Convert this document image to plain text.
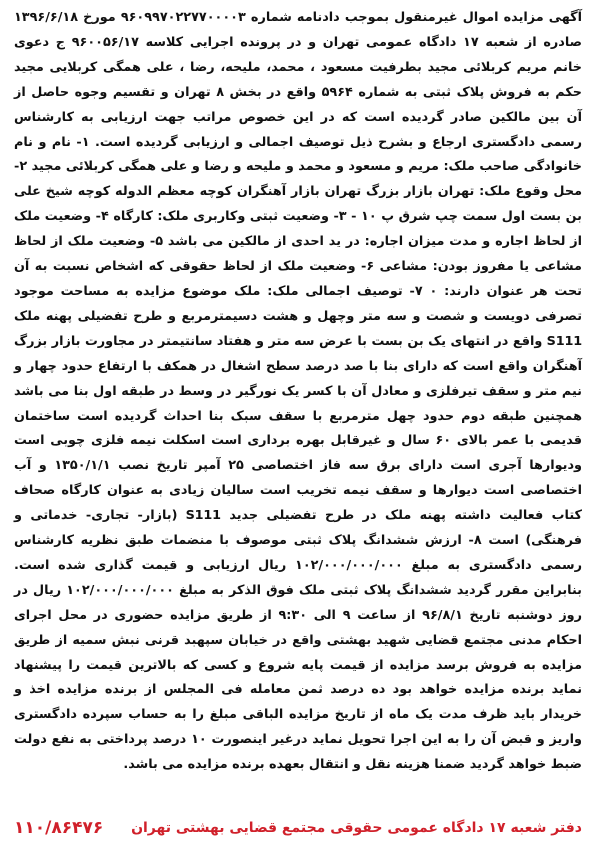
آگهی مزایده اموال غیرمنقول بموجب دادنامه شماره ۹۶۰۹۹۷۰۲۲۷۷۰۰۰۰۳ مورخ ۱۳۹۶/۶/۱۸ صادره از شعبه ۱۷ دادگاه عمومی تهران و در پرونده اجرایی کلاسه ۹۶۰۰۵۶/۱۷ ج دعوی خانم مریم کربلائی مجید بطرفیت مسعود ، محمد، ملیحه، رضا ، علی همگی کربلایی مجید حکم به فروش پلاک ثبتی به شماره ۵۹۶۴ واقع در بخش ۸ تهران و تقسیم وجوه حاصل از آن بین مالکین صادر گردیده است که در این خصوص مراتب جهت ارزیابی به کارشناس رسمی دادگستری ارجاع و بشرح ذیل توصیف اجمالی و ارزیابی گردیده است. ۱- نام و نام خانوادگی صاحب ملک: مریم و مسعود و محمد و ملیحه و رضا و علی همگی کربلائی مجید ۲- محل وقوع ملک: تهران بازار بزرگ تهران بازار آهنگران کوچه معظم الدوله کوچه شیخ علی بن بست اول سمت چپ شرق پ ۱۰ - ۳- وضعیت ثبتی وکاربری ملک: کارگاه ۴- وضعیت ملک از لحاظ اجاره و مدت میزان اجاره: در ید احدی از مالکین می باشد ۵- وضعیت ملک از لحاظ مشاعی یا مفروز بودن: مشاعی ۶- وضعیت ملک از لحاظ حقوقی که اشخاص نسبت به آن تحت هر عنوان دارند: ۰ ۷- توصیف اجمالی ملک: ملک موضوع مزایده به مساحت موجود تصرفی دویست و شصت و سه متر وچهل و هشت دسیمترمربع و طرح تفضیلی پهنه ملک S111 واقع در انتهای یک بن بست با عرض سه متر و هفتاد سانتیمتر در مجاورت بازار بزرگ آهنگران واقع است که دارای بنا با صد درصد سطح اشغال در همکف با ارتفاع حدود چهار و نیم متر و سقف تیرفلزی و معادل آن با کسر یک نورگیر در وسط در طبقه اول بنا می باشد همچنین طبقه دوم حدود چهل مترمربع با سقف سبک بنا احداث گردیده است ساختمان قدیمی با عمر بالای ۶۰ سال و غیرقابل بهره برداری است اسکلت نیمه فلزی چوبی است ودیوارها آجری است دارای برق سه فاز اختصاصی ۲۵ آمپر تاریخ نصب ۱۳۵۰/۱/۱ و آب اختصاصی است دیوارها و سقف نیمه تخریب است سالیان زیادی به عنوان کارگاه صحاف کتاب فعالیت داشته پهنه ملک در طرح تفضیلی جدید S111 (بازار- تجاری- خدماتی و فرهنگی) است ۸- ارزش ششدانگ پلاک ثبتی موصوف با منضمات طبق نظریه کارشناس رسمی دادگستری به مبلغ ۱۰۲/۰۰۰/۰۰۰/۰۰۰ ریال ارزیابی و قیمت گذاری شده است. بنابراین مقرر گردید ششدانگ پلاک ثبتی ملک فوق الذکر به مبلغ ۱۰۲/۰۰۰/۰۰۰/۰۰۰ ریال در روز دوشنبه تاریخ ۹۶/۸/۱ از ساعت ۹ الی ۹:۳۰ از طریق مزایده حضوری در محل اجرای احکام مدنی مجتمع قضایی شهید بهشتی واقع در خیابان سپهبد قرنی نبش سمیه از طریق مزایده به فروش برسد مزایده از قیمت پایه شروع و کسی که بالاترین قیمت را پیشنهاد نماید برنده مزایده خواهد بود ده درصد ثمن معامله فی المجلس از برنده مزایده اخذ و خریدار باید ظرف مدت یک ماه از تاریخ مزایده الباقی مبلغ را به حساب سپرده دادگستری واریز و قبض آن را به این اجرا تحویل نماید درغیر اینصورت ۱۰ درصد پرداختی به نفع دولت ضبط خواهد گردید ضمنا هزینه نقل و انتقال بعهده برنده مزایده می باشد.

دفتر شعبه ۱۷ دادگاه عمومی حقوقی مجتمع قضایی بهشتی تهران
۱۱۰/۸۶۴۷۶
